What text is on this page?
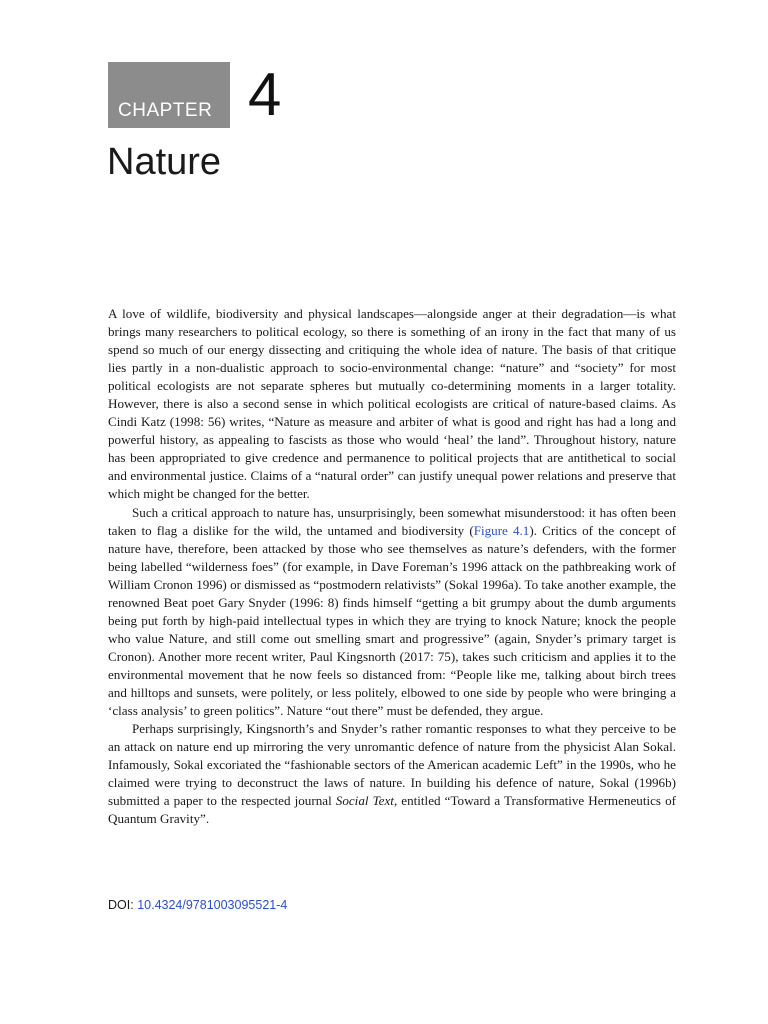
CHAPTER 4
Nature

A love of wildlife, biodiversity and physical landscapes—alongside anger at their degradation—is what brings many researchers to political ecology, so there is something of an irony in the fact that many of us spend so much of our energy dissecting and critiquing the whole idea of nature. The basis of that critique lies partly in a non-dualistic approach to socio-environmental change: “nature” and “society” for most political ecologists are not separate spheres but mutually co-determining moments in a larger totality. However, there is also a second sense in which political ecologists are critical of nature-based claims. As Cindi Katz (1998: 56) writes, “Nature as measure and arbiter of what is good and right has had a long and powerful history, as appealing to fascists as those who would ‘heal’ the land”. Throughout history, nature has been appropriated to give credence and permanence to political projects that are antithetical to social and environmental justice. Claims of a “natural order” can justify unequal power relations and preserve that which might be changed for the better.

Such a critical approach to nature has, unsurprisingly, been somewhat misunderstood: it has often been taken to flag a dislike for the wild, the untamed and biodiversity (Figure 4.1). Critics of the concept of nature have, therefore, been attacked by those who see themselves as nature’s defenders, with the former being labelled “wilderness foes” (for example, in Dave Foreman’s 1996 attack on the pathbreaking work of William Cronon 1996) or dismissed as “postmodern relativists” (Sokal 1996a). To take another example, the renowned Beat poet Gary Snyder (1996: 8) finds himself “getting a bit grumpy about the dumb arguments being put forth by high-paid intellectual types in which they are trying to knock Nature; knock the people who value Nature, and still come out smelling smart and progressive” (again, Snyder’s primary target is Cronon). Another more recent writer, Paul Kingsnorth (2017: 75), takes such criticism and applies it to the environmental movement that he now feels so distanced from: “People like me, talking about birch trees and hilltops and sunsets, were politely, or less politely, elbowed to one side by people who were bringing a ‘class analysis’ to green politics”. Nature “out there” must be defended, they argue.

Perhaps surprisingly, Kingsnorth’s and Snyder’s rather romantic responses to what they perceive to be an attack on nature end up mirroring the very unromantic defence of nature from the physicist Alan Sokal. Infamously, Sokal excoriated the “fashionable sectors of the American academic Left” in the 1990s, who he claimed were trying to deconstruct the laws of nature. In building his defence of nature, Sokal (1996b) submitted a paper to the respected journal Social Text, entitled “Toward a Transformative Hermeneutics of Quantum Gravity”.

DOI: 10.4324/9781003095521-4
